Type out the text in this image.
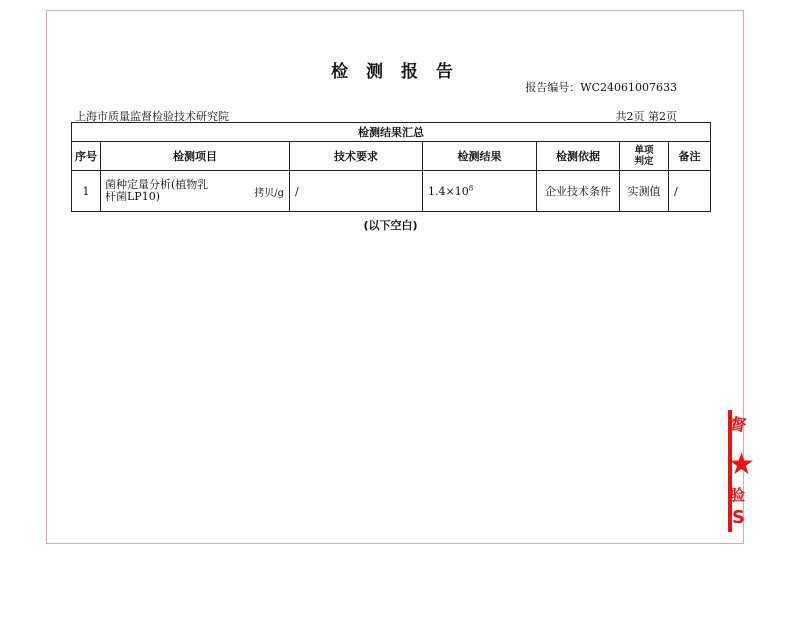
检 测 报 告
报告编号：WC24061007633
上海市质量监督检验技术研究院	共2页 第2页
检测结果汇总						
序号	检测项目	技术要求	检测结果	检测依据	单项判定	备注
1	菌种定量分析(植物乳杆菌LP10) 拷贝/g	/	$1.4\times 10^8$	企业技术条件	实测值	/
(以下空白)
督
★
验
S
